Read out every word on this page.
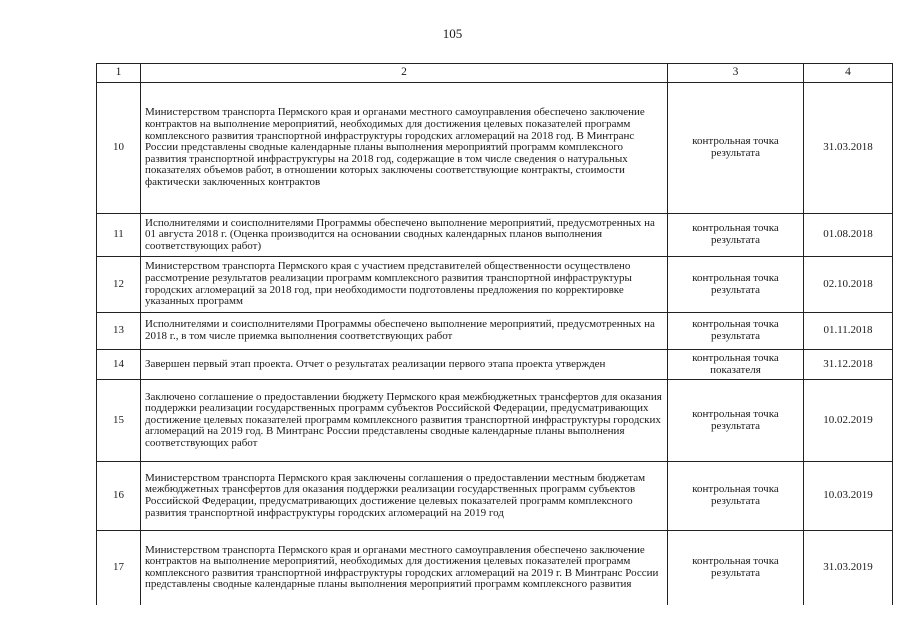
105
1	2	3	4
10	Министерством транспорта Пермского края и органами местного самоуправления обеспечено заключение контрактов на выполнение мероприятий, необходимых для достижения целевых показателей программ комплексного развития транспортной инфраструктуры городских агломераций на 2018 год. В Минтранс России представлены сводные календарные планы выполнения мероприятий программ комплексного развития транспортной инфраструктуры на 2018 год, содержащие в том числе сведения о натуральных показателях объемов работ, в отношении которых заключены соответствующие контракты, стоимости фактически заключенных контрактов	контрольная точка результата	31.03.2018
11	Исполнителями и соисполнителями Программы обеспечено выполнение мероприятий, предусмотренных на 01 августа 2018 г. (Оценка производится на основании сводных календарных планов выполнения соответствующих работ)	контрольная точка результата	01.08.2018
12	Министерством транспорта Пермского края с участием представителей общественности осуществлено рассмотрение результатов реализации программ комплексного развития транспортной инфраструктуры городских агломераций за 2018 год, при необходимости подготовлены предложения по корректировке указанных программ	контрольная точка результата	02.10.2018
13	Исполнителями и соисполнителями Программы обеспечено выполнение мероприятий, предусмотренных на 2018 г., в том числе приемка выполнения соответствующих работ	контрольная точка результата	01.11.2018
14	Завершен первый этап проекта. Отчет о результатах реализации первого этапа проекта утвержден	контрольная точка показателя	31.12.2018
15	Заключено соглашение о предоставлении бюджету Пермского края межбюджетных трансфертов для оказания поддержки реализации государственных программ субъектов Российской Федерации, предусматривающих достижение целевых показателей программ комплексного развития транспортной инфраструктуры городских агломераций на 2019 год. В Минтранс России представлены сводные календарные планы выполнения соответствующих работ	контрольная точка результата	10.02.2019
16	Министерством транспорта Пермского края заключены соглашения о предоставлении местным бюджетам межбюджетных трансфертов для оказания поддержки реализации государственных программ субъектов Российской Федерации, предусматривающих достижение целевых показателей программ комплексного развития транспортной инфраструктуры городских агломераций на 2019 год	контрольная точка результата	10.03.2019
17	Министерством транспорта Пермского края и органами местного самоуправления обеспечено заключение контрактов на выполнение мероприятий, необходимых для достижения целевых показателей программ комплексного развития транспортной инфраструктуры городских агломераций на 2019 г. В Минтранс России представлены сводные календарные планы выполнения мероприятий программ комплексного развития	контрольная точка результата	31.03.2019
